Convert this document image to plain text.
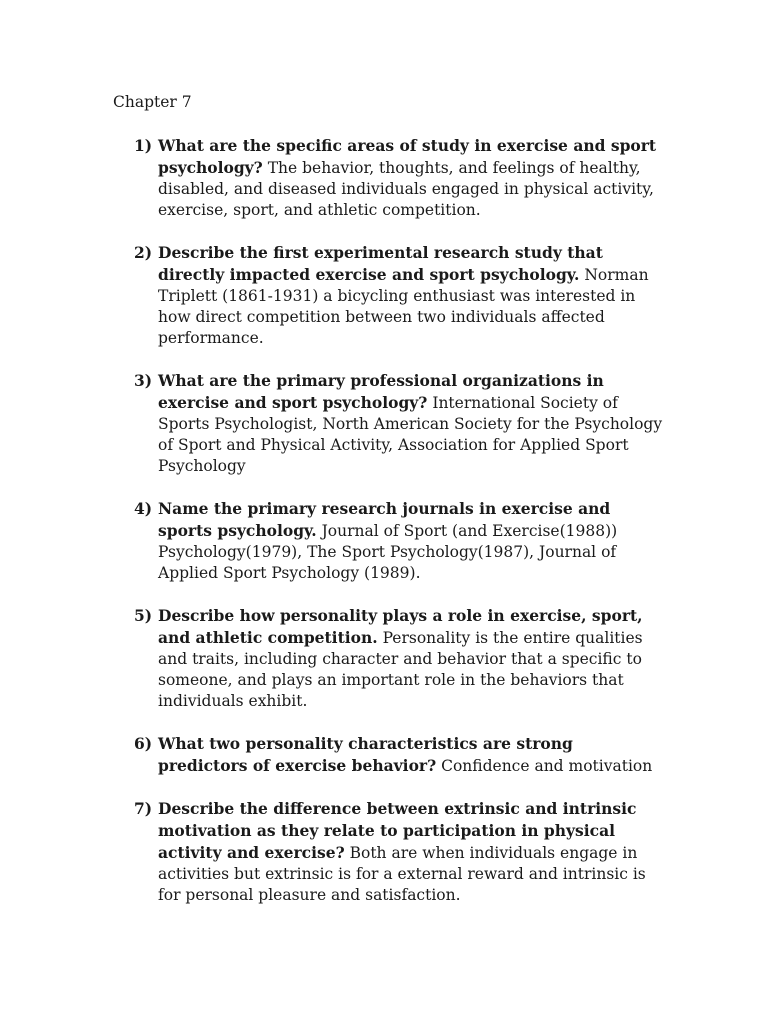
Chapter 7
1) What are the specific areas of study in exercise and sport psychology? The behavior, thoughts, and feelings of healthy, disabled, and diseased individuals engaged in physical activity, exercise, sport, and athletic competition.
2) Describe the first experimental research study that directly impacted exercise and sport psychology. Norman Triplett (1861-1931) a bicycling enthusiast was interested in how direct competition between two individuals affected performance.
3) What are the primary professional organizations in exercise and sport psychology? International Society of Sports Psychologist, North American Society for the Psychology of Sport and Physical Activity, Association for Applied Sport Psychology
4) Name the primary research journals in exercise and sports psychology. Journal of Sport (and Exercise(1988)) Psychology(1979), The Sport Psychology(1987), Journal of Applied Sport Psychology (1989).
5) Describe how personality plays a role in exercise, sport, and athletic competition. Personality is the entire qualities and traits, including character and behavior that a specific to someone, and plays an important role in the behaviors that individuals exhibit.
6) What two personality characteristics are strong predictors of exercise behavior? Confidence and motivation
7) Describe the difference between extrinsic and intrinsic motivation as they relate to participation in physical activity and exercise? Both are when individuals engage in activities but extrinsic is for a external reward and intrinsic is for personal pleasure and satisfaction.
